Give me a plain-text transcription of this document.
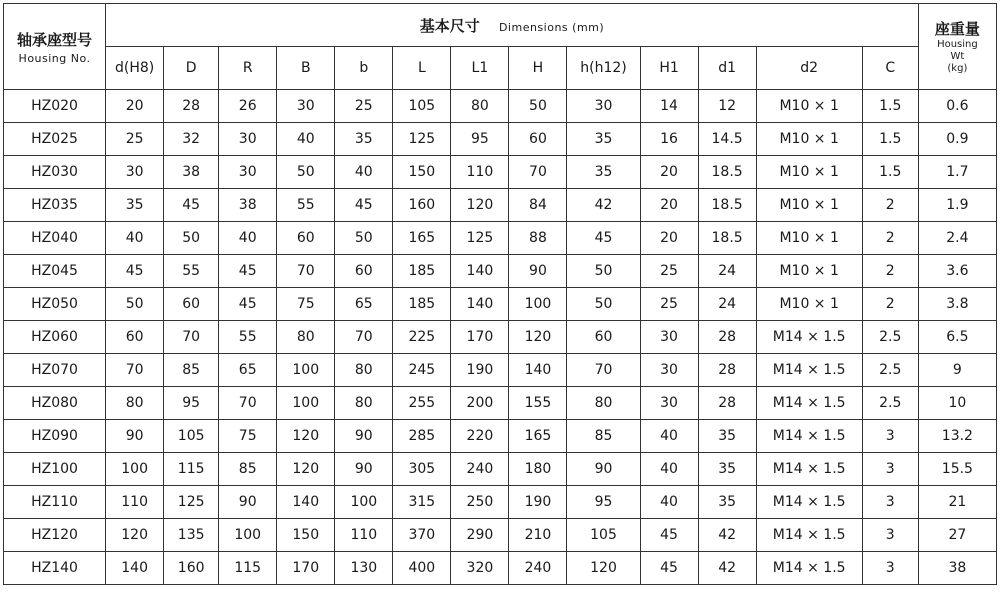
轴承座型号
Housing No.	基本尺寸 Dimensions (mm)													座重量
Housing
Wt
(kg)

	d(H8)	D	R	B	b	L	L1	H	h(h12)	H1	d1	d2	C	
HZ020	20	28	26	30	25	105	80	50	30	14	12	M10 × 1	1.5	0.6
HZ025	25	32	30	40	35	125	95	60	35	16	14.5	M10 × 1	1.5	0.9
HZ030	30	38	30	50	40	150	110	70	35	20	18.5	M10 × 1	1.5	1.7
HZ035	35	45	38	55	45	160	120	84	42	20	18.5	M10 × 1	2	1.9
HZ040	40	50	40	60	50	165	125	88	45	20	18.5	M10 × 1	2	2.4
HZ045	45	55	45	70	60	185	140	90	50	25	24	M10 × 1	2	3.6
HZ050	50	60	45	75	65	185	140	100	50	25	24	M10 × 1	2	3.8
HZ060	60	70	55	80	70	225	170	120	60	30	28	M14 × 1.5	2.5	6.5
HZ070	70	85	65	100	80	245	190	140	70	30	28	M14 × 1.5	2.5	9
HZ080	80	95	70	100	80	255	200	155	80	30	28	M14 × 1.5	2.5	10
HZ090	90	105	75	120	90	285	220	165	85	40	35	M14 × 1.5	3	13.2
HZ100	100	115	85	120	90	305	240	180	90	40	35	M14 × 1.5	3	15.5
HZ110	110	125	90	140	100	315	250	190	95	40	35	M14 × 1.5	3	21
HZ120	120	135	100	150	110	370	290	210	105	45	42	M14 × 1.5	3	27
HZ140	140	160	115	170	130	400	320	240	120	45	42	M14 × 1.5	3	38
